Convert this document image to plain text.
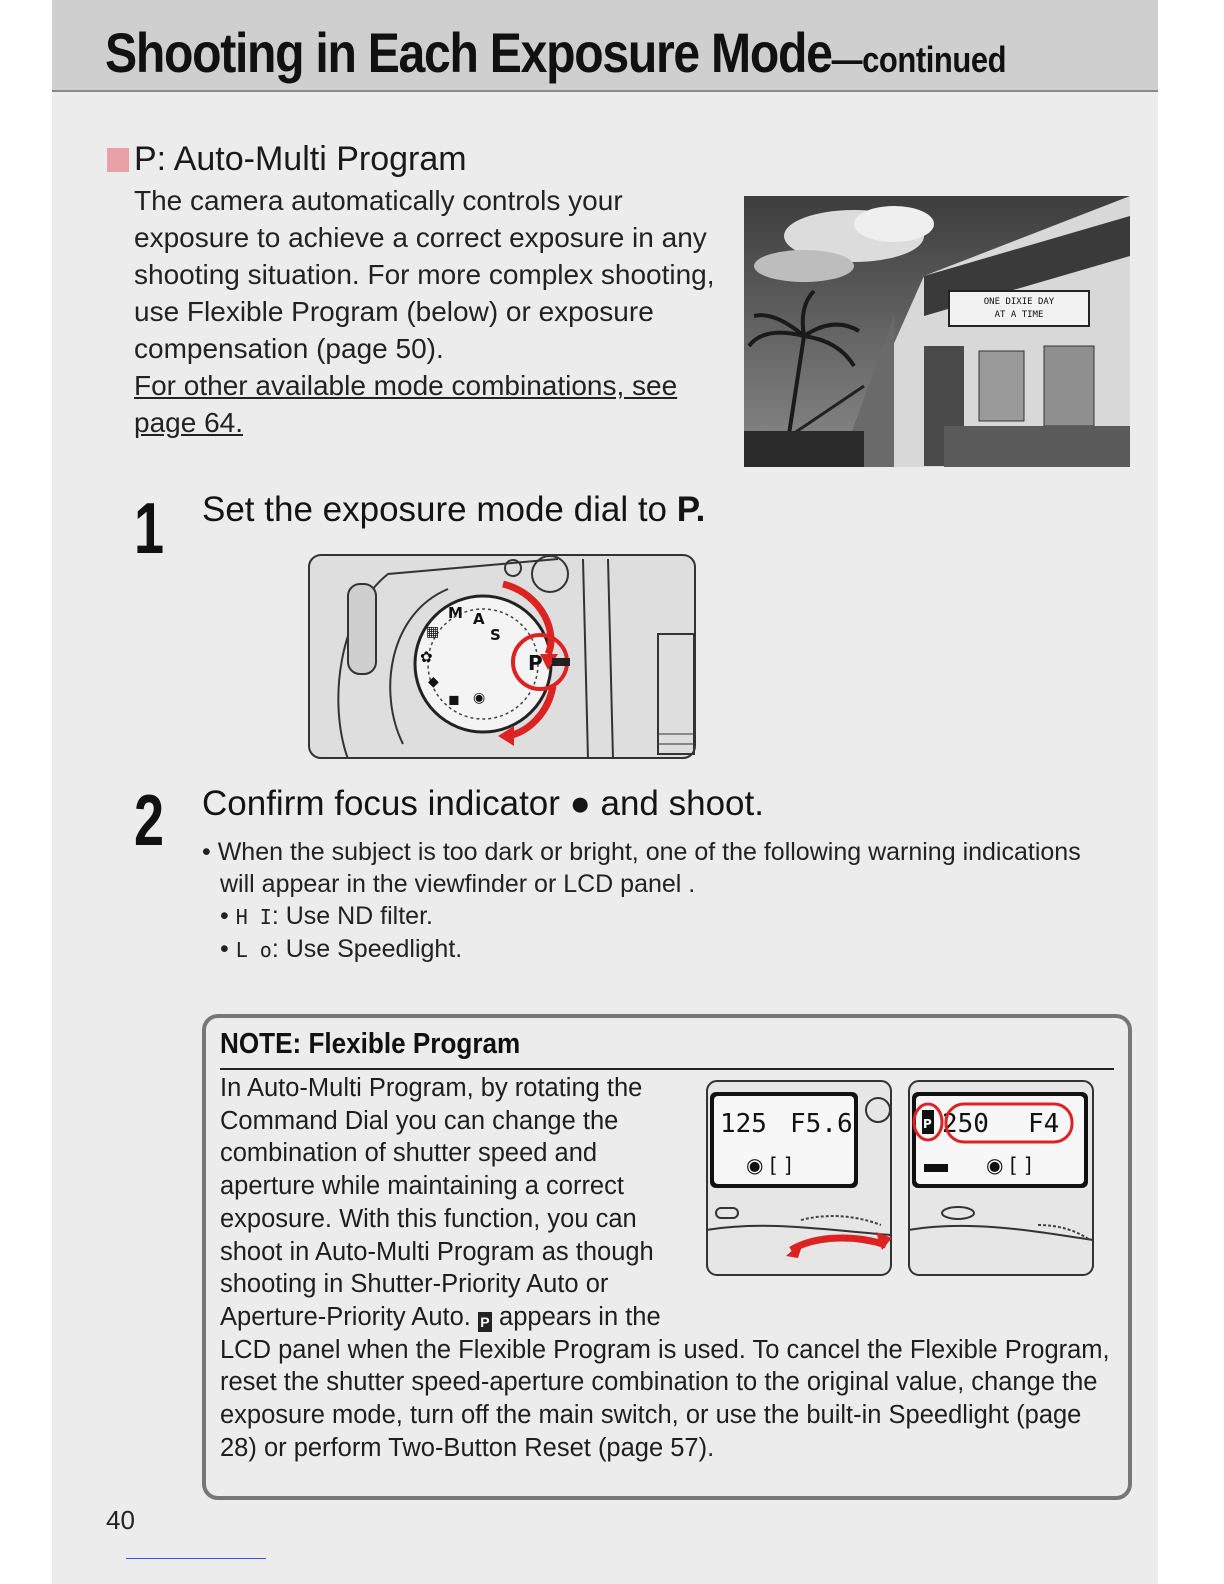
Shooting in Each Exposure Mode—continued
P: Auto-Multi Program

The camera automatically controls your exposure to achieve a correct exposure in any shooting situation. For more complex shooting, use Flexible Program (below) or exposure compensation (page 50).

For other available mode combinations, see page 64.

ONE DIXIE DAY
AT A TIME
1 Set the exposure mode dial to P.
▦
M A
S
✿
◆
◼ ◉
P
2 Confirm focus indicator ● and shoot.
• When the subject is too dark or bright, one of the following warning indications will appear in the viewfinder or LCD panel .
• H I: Use ND filter.
• L o: Use Speedlight.
NOTE: Flexible Program
In Auto-Multi Program, by rotating the Command Dial you can change the combination of shutter speed and aperture while maintaining a correct exposure. With this function, you can shoot in Auto-Multi Program as though shooting in Shutter-Priority Auto or Aperture-Priority Auto. P appears in the LCD panel when the Flexible Program is used. To cancel the Flexible Program, reset the shutter speed-aperture combination to the original value, change the exposure mode, turn off the main switch, or use the built-in Speedlight (page 28) or perform Two-Button Reset (page 57).
125 F5.6
◉ [ ]
P 250 F4
◉ [ ]
40
